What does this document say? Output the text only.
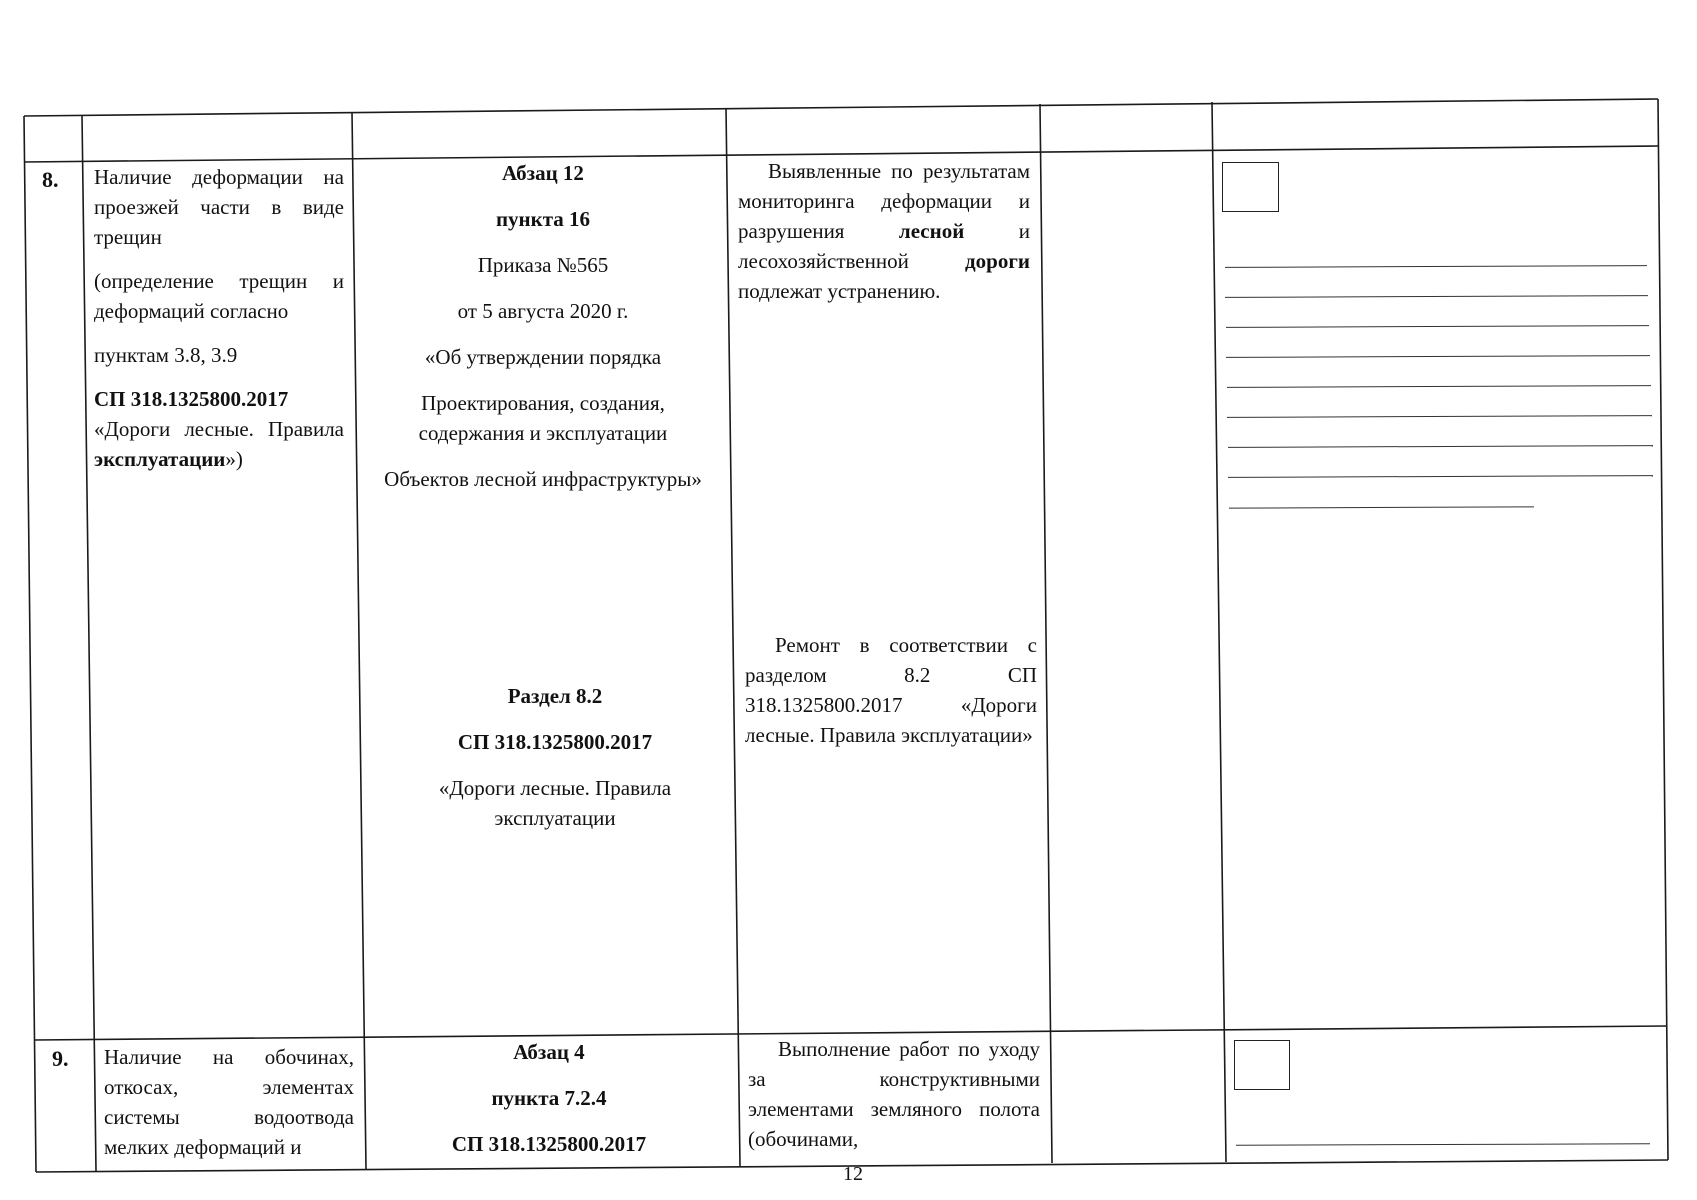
8. Наличие деформации на проезжей части в виде трещин

(определение трещин и деформаций согласно

пунктам 3.8, 3.9

СП 318.1325800.2017
«Дороги лесные. Правила эксплуатации»)

Абзац 12

пункта 16

Приказа №565

от 5 августа 2020 г.

«Об утверждении порядка

Проектирования, создания, содержания и эксплуатации

Объектов лесной инфраструктуры»

Раздел 8.2

СП 318.1325800.2017

«Дороги лесные. Правила эксплуатации

Выявленные по результатам мониторинга деформации и разрушения лесной и лесохозяйственной дороги подлежат устранению.
Ремонт в соответствии с разделом 8.2 СП 318.1325800.2017 «Дороги лесные. Правила эксплуатации»
9. Наличие на обочинах, откосах, элементах системы водоотвода мелких деформаций и

Абзац 4

пункта 7.2.4

СП 318.1325800.2017

Выполнение работ по уходу за конструктивными элементами земляного полота (обочинами,
12
